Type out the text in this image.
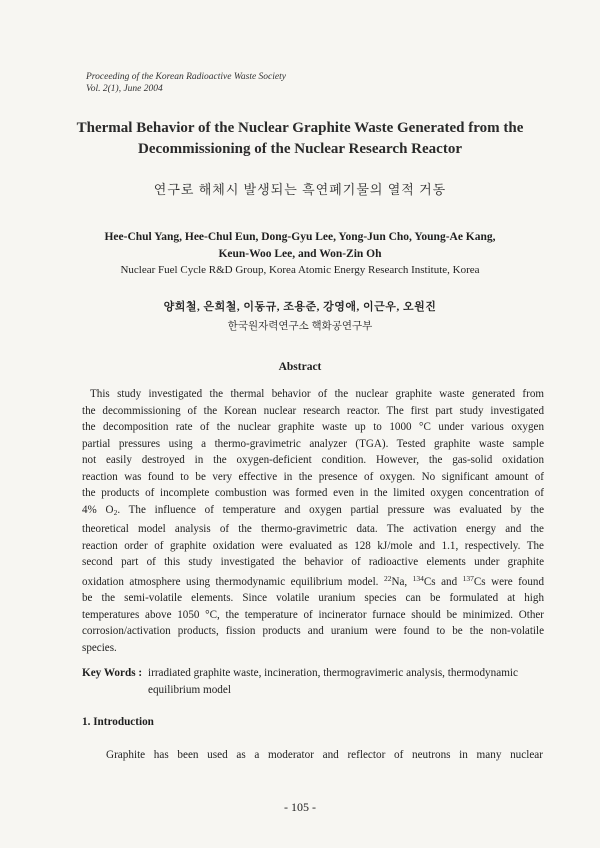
Proceeding of the Korean Radioactive Waste Society
Vol. 2(1), June 2004
Thermal Behavior of the Nuclear Graphite Waste Generated from the
Decommissioning of the Nuclear Research Reactor
연구로 해체시 발생되는 흑연폐기물의 열적 거동
Hee-Chul Yang, Hee-Chul Eun, Dong-Gyu Lee, Yong-Jun Cho, Young-Ae Kang,
Keun-Woo Lee, and Won-Zin Oh
Nuclear Fuel Cycle R&D Group, Korea Atomic Energy Research Institute, Korea
양희철, 은희철, 이동규, 조용준, 강영애, 이근우, 오원진
한국원자력연구소 핵화공연구부
Abstract
This study investigated the thermal behavior of the nuclear graphite waste generated from
the decommissioning of the Korean nuclear research reactor. The first part study investigated
the decomposition rate of the nuclear graphite waste up to 1000 °C under various oxygen
partial pressures using a thermo-gravimetric analyzer (TGA). Tested graphite waste sample
not easily destroyed in the oxygen-deficient condition. However, the gas-solid oxidation
reaction was found to be very effective in the presence of oxygen. No significant amount of
the products of incomplete combustion was formed even in the limited oxygen concentration of
4% $O_2$. The influence of temperature and oxygen partial pressure was evaluated by the
theoretical model analysis of the thermo-gravimetric data. The activation energy and the
reaction order of graphite oxidation were evaluated as 128 kJ/mole and 1.1, respectively. The
second part of this study investigated the behavior of radioactive elements under graphite
oxidation atmosphere using thermodynamic equilibrium model. $^{22}$Na, $^{134}$Cs and $^{137}$Cs were found
be the semi-volatile elements. Since volatile uranium species can be formulated at high
temperatures above 1050 °C, the temperature of incinerator furnace should be minimized. Other
corrosion/activation products, fission products and uranium were found to be the non-volatile
species.
Key Words : irradiated graphite waste, incineration, thermogravimeric analysis, thermodynamic equilibrium model
1. Introduction
Graphite has been used as a moderator and reflector of neutrons in many nuclear
- 105 -
